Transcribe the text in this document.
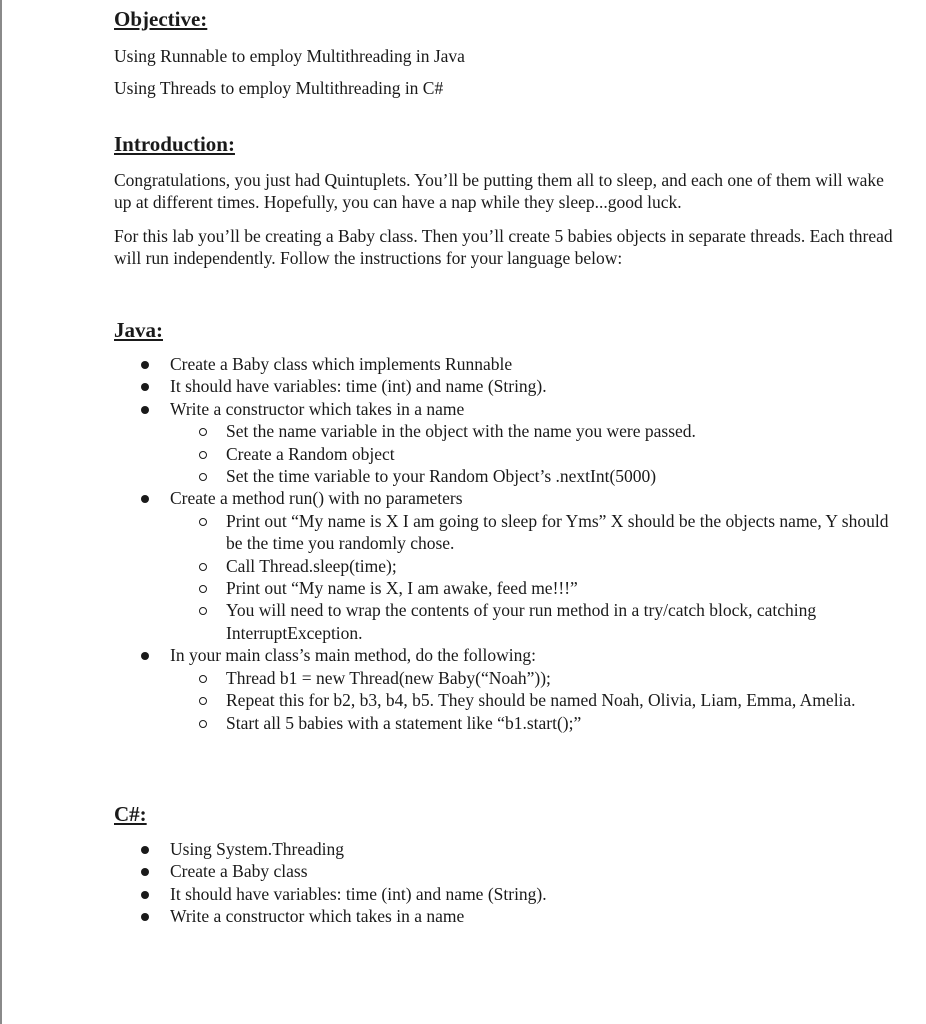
Objective:
Using Runnable to employ Multithreading in Java
Using Threads to employ Multithreading in C#
Introduction:
Congratulations, you just had Quintuplets. You’ll be putting them all to sleep, and each one of them will wake up at different times. Hopefully, you can have a nap while they sleep...good luck.
For this lab you’ll be creating a Baby class. Then you’ll create 5 babies objects in separate threads. Each thread will run independently. Follow the instructions for your language below:
Java:
Create a Baby class which implements Runnable
It should have variables: time (int) and name (String).
Write a constructor which takes in a name
Set the name variable in the object with the name you were passed.
Create a Random object
Set the time variable to your Random Object’s .nextInt(5000)
Create a method run() with no parameters
Print out “My name is X I am going to sleep for Yms” X should be the objects name, Y should be the time you randomly chose.
Call Thread.sleep(time);
Print out “My name is X, I am awake, feed me!!!”
You will need to wrap the contents of your run method in a try/catch block, catching InterruptException.
In your main class’s main method, do the following:
Thread b1 = new Thread(new Baby(“Noah”));
Repeat this for b2, b3, b4, b5. They should be named Noah, Olivia, Liam, Emma, Amelia.
Start all 5 babies with a statement like “b1.start();”
C#:
Using System.Threading
Create a Baby class
It should have variables: time (int) and name (String).
Write a constructor which takes in a name
